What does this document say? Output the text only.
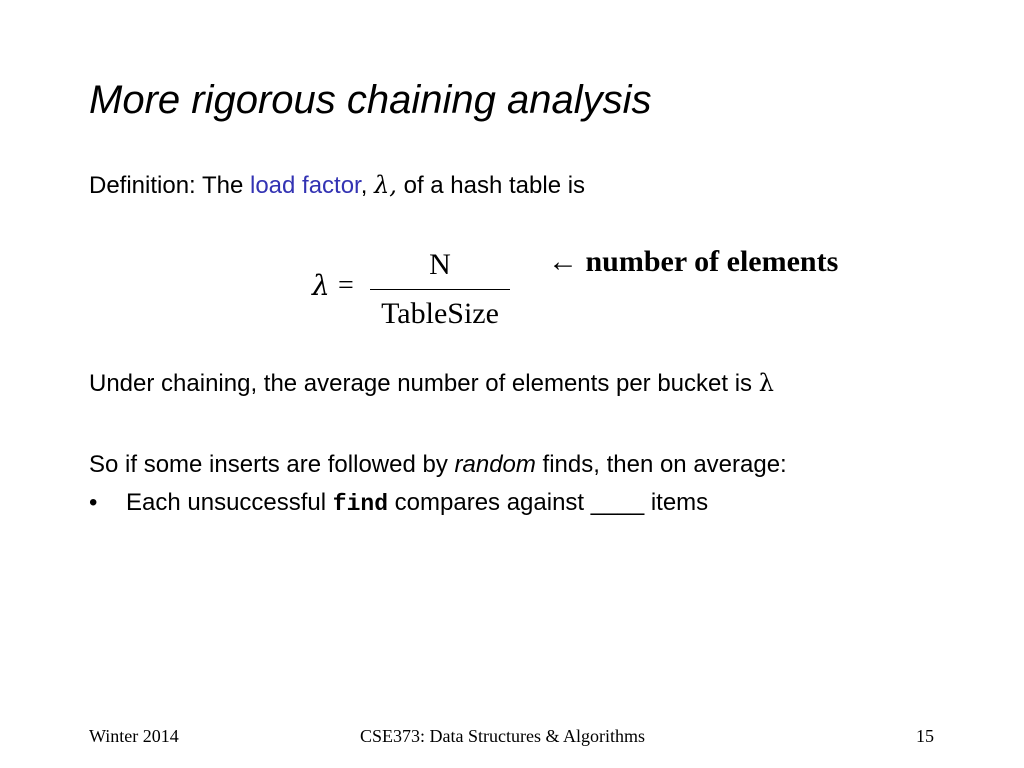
More rigorous chaining analysis
Definition: The load factor, λ, of a hash table is
λ =
N
TableSize
← number of elements
Under chaining, the average number of elements per bucket is λ
So if some inserts are followed by random finds, then on average:
• Each unsuccessful find compares against ____ items
Winter 2014	CSE373: Data Structures & Algorithms	15
